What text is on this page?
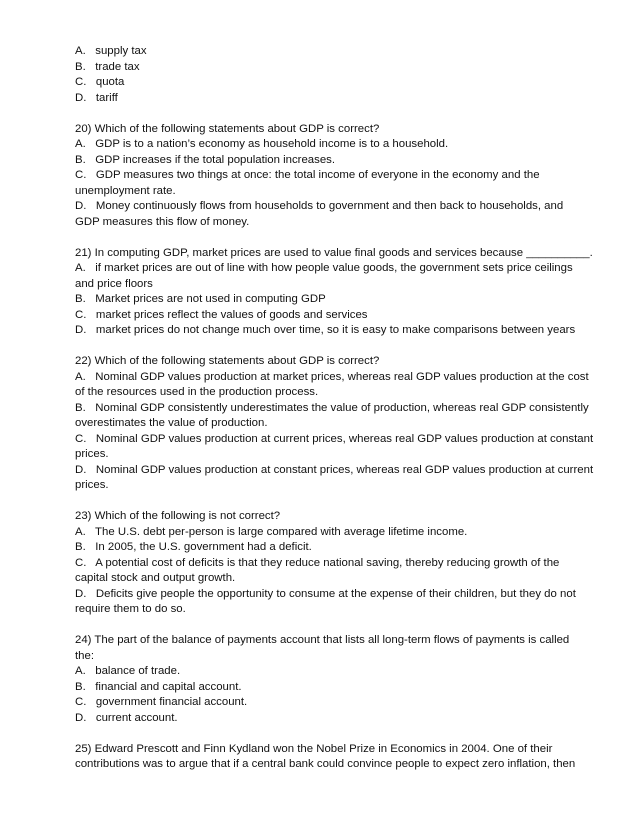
A.   supply tax
B.   trade tax
C.   quota
D.   tariff
20) Which of the following statements about GDP is correct?
A.   GDP is to a nation’s economy as household income is to a household.
B.   GDP increases if the total population increases.
C.   GDP measures two things at once: the total income of everyone in the economy and the
unemployment rate.
D.   Money continuously flows from households to government and then back to households, and
GDP measures this flow of money.
21) In computing GDP, market prices are used to value final goods and services because __________.
A.   if market prices are out of line with how people value goods, the government sets price ceilings
and price floors
B.   Market prices are not used in computing GDP
C.   market prices reflect the values of goods and services
D.   market prices do not change much over time, so it is easy to make comparisons between years
22) Which of the following statements about GDP is correct?
A.   Nominal GDP values production at market prices, whereas real GDP values production at the cost
of the resources used in the production process.
B.   Nominal GDP consistently underestimates the value of production, whereas real GDP consistently
overestimates the value of production.
C.   Nominal GDP values production at current prices, whereas real GDP values production at constant
prices.
D.   Nominal GDP values production at constant prices, whereas real GDP values production at current
prices.
23) Which of the following is not correct?
A.   The U.S. debt per-person is large compared with average lifetime income.
B.   In 2005, the U.S. government had a deficit.
C.   A potential cost of deficits is that they reduce national saving, thereby reducing growth of the
capital stock and output growth.
D.   Deficits give people the opportunity to consume at the expense of their children, but they do not
require them to do so.
24) The part of the balance of payments account that lists all long-term flows of payments is called
the:
A.   balance of trade.
B.   financial and capital account.
C.   government financial account.
D.   current account.
25) Edward Prescott and Finn Kydland won the Nobel Prize in Economics in 2004. One of their
contributions was to argue that if a central bank could convince people to expect zero inflation, then
